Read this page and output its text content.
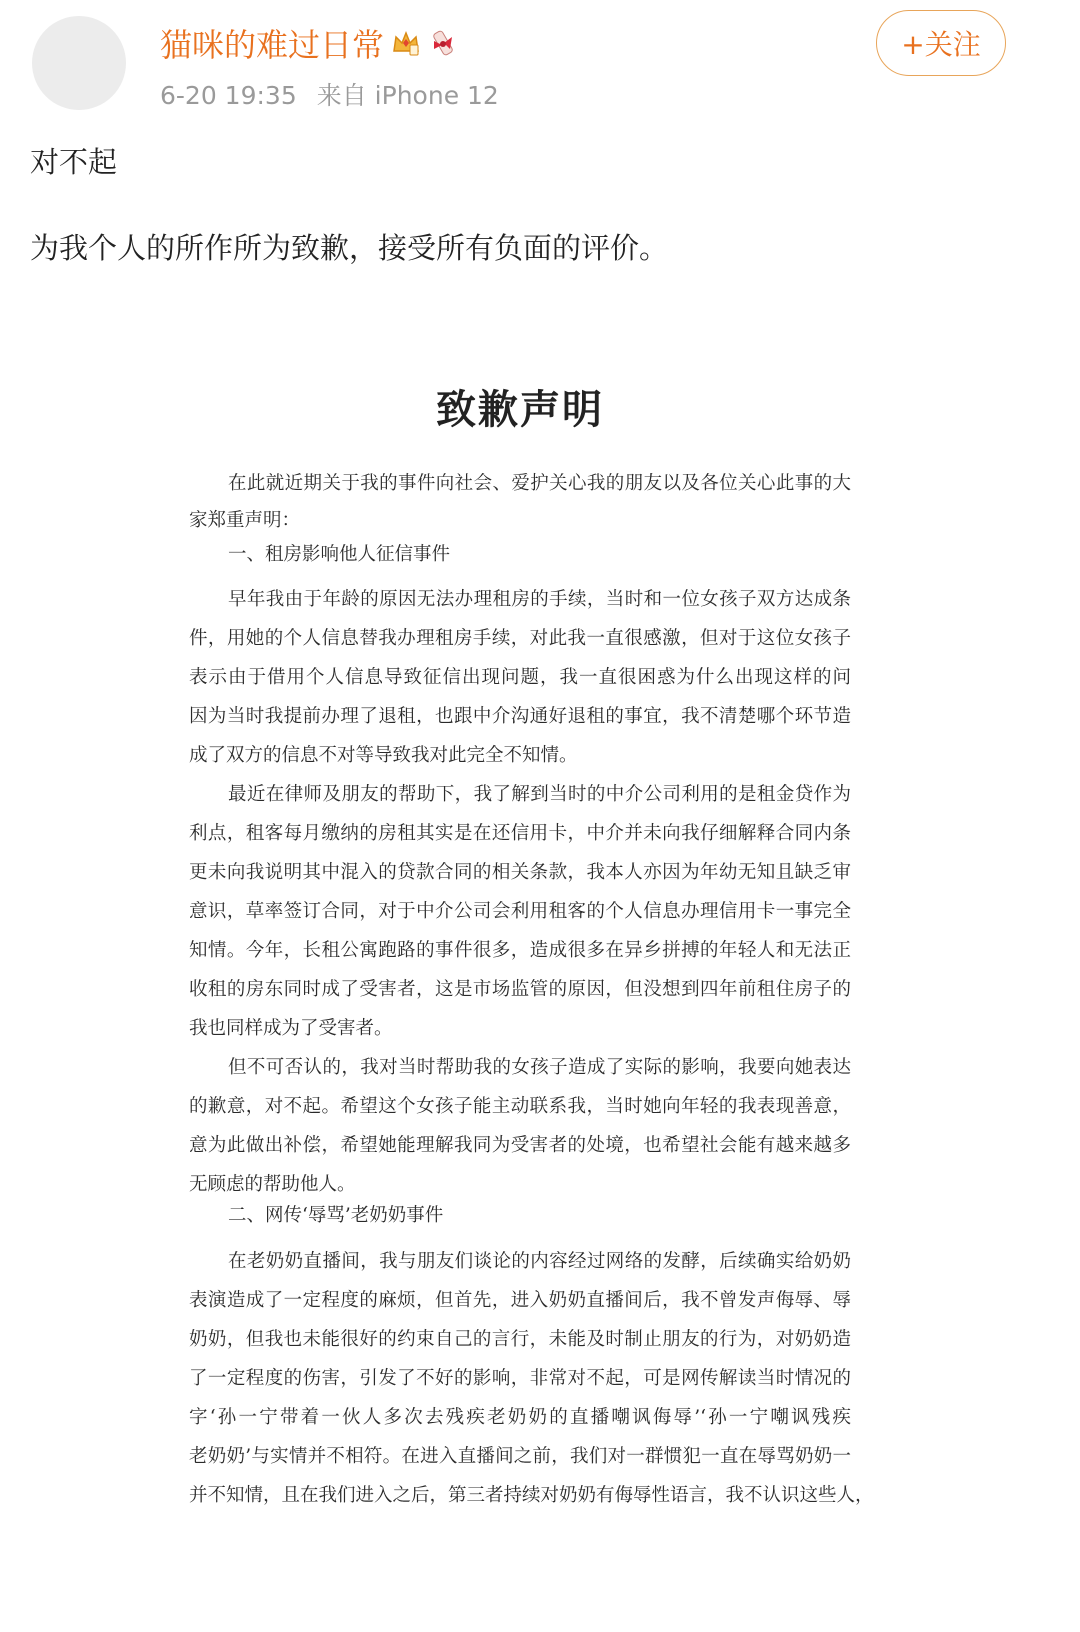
猫咪的难过日常
6-20 19:35 来自 iPhone 12
+关注
对不起
为我个人的所作所为致歉，接受所有负面的评价。
致歉声明
在此就近期关于我的事件向社会、爱护关心我的朋友以及各位关心此事的大
家郑重声明：
一、租房影响他人征信事件
早年我由于年龄的原因无法办理租房的手续，当时和一位女孩子双方达成条
件，用她的个人信息替我办理租房手续，对此我一直很感激，但对于这位女孩子
表示由于借用个人信息导致征信出现问题，我一直很困惑为什么出现这样的问
因为当时我提前办理了退租，也跟中介沟通好退租的事宜，我不清楚哪个环节造
成了双方的信息不对等导致我对此完全不知情。
最近在律师及朋友的帮助下，我了解到当时的中介公司利用的是租金贷作为
利点，租客每月缴纳的房租其实是在还信用卡，中介并未向我仔细解释合同内条
更未向我说明其中混入的贷款合同的相关条款，我本人亦因为年幼无知且缺乏审
意识，草率签订合同，对于中介公司会利用租客的个人信息办理信用卡一事完全
知情。今年，长租公寓跑路的事件很多，造成很多在异乡拼搏的年轻人和无法正
收租的房东同时成了受害者，这是市场监管的原因，但没想到四年前租住房子的
我也同样成为了受害者。
但不可否认的，我对当时帮助我的女孩子造成了实际的影响，我要向她表达
的歉意，对不起。希望这个女孩子能主动联系我，当时她向年轻的我表现善意，
意为此做出补偿，希望她能理解我同为受害者的处境，也希望社会能有越来越多
无顾虑的帮助他人。
二、网传‘辱骂’老奶奶事件
在老奶奶直播间，我与朋友们谈论的内容经过网络的发酵，后续确实给奶奶
表演造成了一定程度的麻烦，但首先，进入奶奶直播间后，我不曾发声侮辱、辱
奶奶，但我也未能很好的约束自己的言行，未能及时制止朋友的行为，对奶奶造
了一定程度的伤害，引发了不好的影响，非常对不起，可是网传解读当时情况的
字‘孙一宁带着一伙人多次去残疾老奶奶的直播嘲讽侮辱’‘孙一宁嘲讽残疾
老奶奶’与实情并不相符。在进入直播间之前，我们对一群惯犯一直在辱骂奶奶一
并不知情，且在我们进入之后，第三者持续对奶奶有侮辱性语言，我不认识这些人，
